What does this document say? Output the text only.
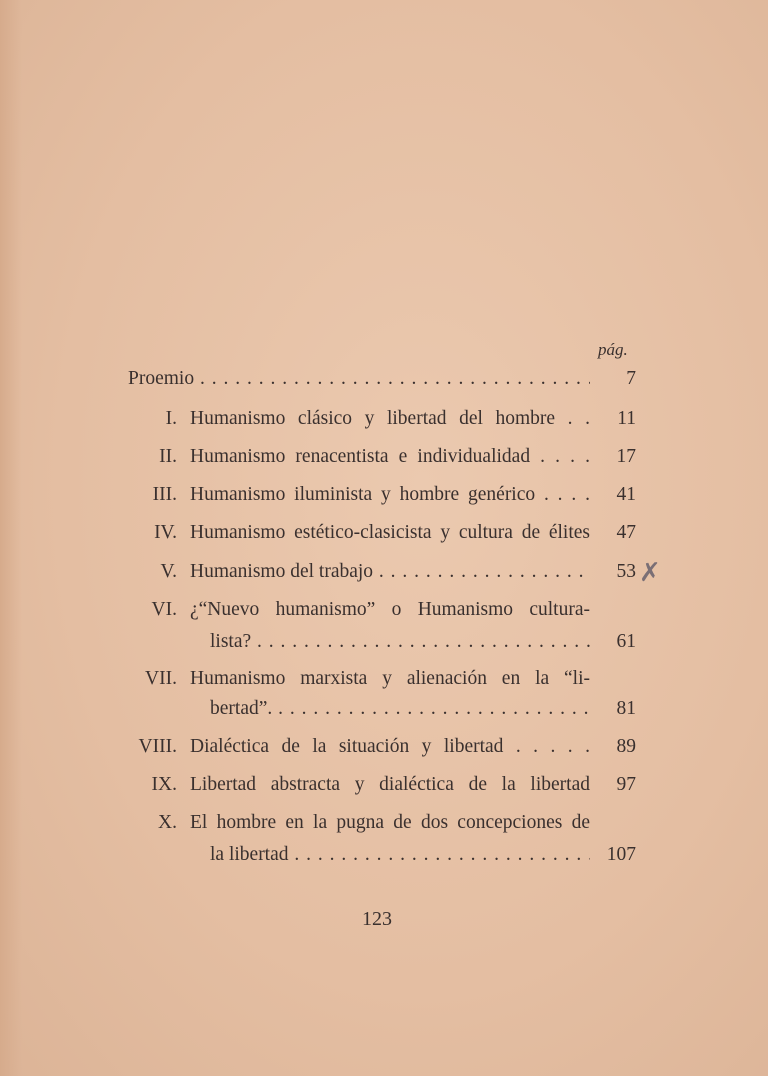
pág.
Proemio . . .	7
I. Humanismo clásico y libertad del hombre . .	11
II. Humanismo renacentista e individualidad . . . .	17
III. Humanismo iluminista y hombre genérico . . . .	41
IV. Humanismo estético-clasicista y cultura de élites	47
V. Humanismo del trabajo . . .	53
VI. ¿“Nuevo humanismo” o Humanismo cultura-
lista? . . .	61
VII. Humanismo marxista y alienación en la “li-
bertad”. . . .	81
VIII. Dialéctica de la situación y libertad . . . . .	89
IX. Libertad abstracta y dialéctica de la libertad	97
X. El hombre en la pugna de dos concepciones de
la libertad . . .	107
✗
123
